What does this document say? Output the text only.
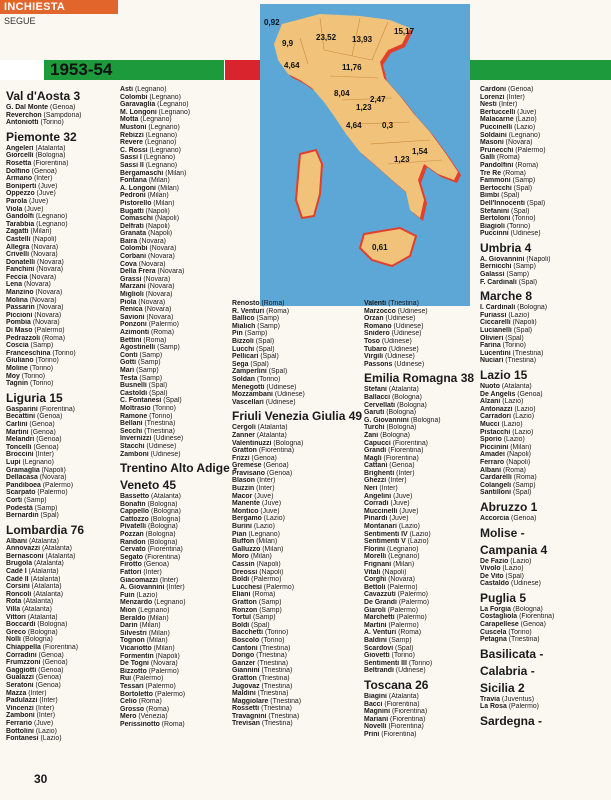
INCHIESTA
SEGUE
1953-54
0,92
9,9
23,52 13,93
15,17
4,64	11,76
8,04
2,47
1,23
4,64	0,3
1,54
1,23
0,61
Val d'Aosta 3
G. Dal Monte (Genoa)
Reverchon (Sampdoria)
Antoniotti (Torino)
Piemonte 32
Angeleri (Atalanta)
Giorcelli (Bologna)
Rosetta (Fiorentina)
Dolfino (Genoa)
Armano (Inter)
Boniperti (Juve)
Oppezzo (Juve)
Parola (Juve)
Viola (Juve)
Gandolfi (Legnano)
Tarabbia (Legnano)
Zagatti (Milan)
Castelli (Napoli)
Allegra (Novara)
Crivelli (Novara)
Donatelli (Novara)
Fanchini (Novara)
Feccia (Novara)
Lena (Novara)
Manzino (Novara)
Molina (Novara)
Passarin (Novara)
Piccioni (Novara)
Pombia (Novara)
Di Maso (Palermo)
Pedrazzoli (Roma)
Coscia (Samp)
Franceschina (Torino)
Giuliano (Torino)
Moline (Torino)
Moy (Torino)
Tagnin (Torino)
Liguria 15
Gasparini (Fiorentina)
Becattini (Genoa)
Carlini (Genoa)
Martini (Genoa)
Melandri (Genoa)
Toncelli (Genoa)
Broccini (Inter)
Lupi (Legnano)
Gramaglia (Napoli)
Dellacasa (Novara)
Pandiboea (Palermo)
Scarpato (Palermo)
Corti (Samp)
Podestà (Samp)
Bernardin (Spal)
Lombardia 76
Albani (Atalanta)
Annovazzi (Atalanta)
Bernasconi (Atalanta)
Brugola (Atalanta)
Cadè I (Atalanta)
Cadè II (Atalanta)
Corsini (Atalanta)
Roncoli (Atalanta)
Rota (Atalanta)
Villa (Atalanta)
Vittori (Atalanta)
Boccardi (Bologna)
Greco (Bologna)
Nolli (Bologna)
Chiappella (Fiorentina)
Corradini (Genoa)
Frumzzoni (Genoa)
Gaggiotti (Genoa)
Gualazzi (Genoa)
Seratoni (Genoa)
Mazza (Inter)
Padulazzi (Inter)
Vincenzi (Inter)
Zamboni (Inter)
Ferrario (Juve)
Bottolini (Lazio)
Fontanesi (Lazio)
Asti (Legnano)
Colombi (Legnano)
Garavaglia (Legnano)
M. Longoni (Legnano)
Motta (Legnano)
Mustoni (Legnano)
Rebizzi (Legnano)
Revere (Legnano)
C. Rossi (Legnano)
Sassi I (Legnano)
Sassi II (Legnano)
Bergamaschi (Milan)
Fontana (Milan)
A. Longoni (Milan)
Pedroni (Milan)
Pistorello (Milan)
Bugatti (Napoli)
Comaschi (Napoli)
Delfrati (Napoli)
Granata (Napoli)
Baira (Novara)
Colombi (Novara)
Corbani (Novara)
Cova (Novara)
Della Frera (Novara)
Grassi (Novara)
Marzani (Novara)
Miglioli (Novara)
Piola (Novara)
Renica (Novara)
Savioni (Novara)
Ponzoni (Palermo)
Azimonti (Roma)
Bettini (Roma)
Agostinelli (Samp)
Conti (Samp)
Gotti (Samp)
Mari (Samp)
Testa (Samp)
Busnelli (Spal)
Castoldi (Spal)
C. Fontanesi (Spal)
Moltrasio (Torino)
Ramone (Torino)
Bellani (Triestina)
Secchi (Triestina)
Invernizzi (Udinese)
Stacchi (Udinese)
Zamboni (Udinese)
Trentino Alto Adige -
Veneto 45
Bassetto (Atalanta)
Bonafin (Bologna)
Cappello (Bologna)
Cattozzo (Bologna)
Pivatelli (Bologna)
Pozzan (Bologna)
Randon (Bologna)
Cervato (Fiorentina)
Segato (Fiorentina)
Firotto (Genoa)
Fattori (Inter)
Giacomazzi (Inter)
A. Giovannini (Inter)
Fuin (Lazio)
Menzardo (Legnano)
Mion (Legnano)
Beraldo (Milan)
Darin (Milan)
Silvestri (Milan)
Tognon (Milan)
Vicariotto (Milan)
Formentin (Napoli)
De Togni (Novara)
Bizzotto (Palermo)
Rui (Palermo)
Tessari (Palermo)
Bortoletto (Palermo)
Celio (Roma)
Grosso (Roma)
Mero (Venezia)
Perissinotto (Roma)
Renosto (Roma)
R. Venturi (Roma)
Ballico (Samp)
Mialich (Samp)
Pin (Samp)
Bizzoli (Spal)
Lucchi (Spal)
Pellicari (Spal)
Sega (Spal)
Zamperlini (Spal)
Soldan (Torino)
Menegotti (Udinese)
Mozzambani (Udinese)
Vascellari (Udinese)
Friuli Venezia Giulia 49
Cergoli (Atalanta)
Zanner (Atalanta)
Valentinuzzi (Bologna)
Gratton (Fiorentina)
Frizzi (Genoa)
Gremese (Genoa)
Pravisano (Genoa)
Blason (Inter)
Buzzin (Inter)
Macor (Juve)
Manente (Juve)
Montico (Juve)
Bergamo (Lazio)
Burini (Lazio)
Pian (Legnano)
Buffon (Milan)
Galluzzo (Milan)
Moro (Milan)
Cassin (Napoli)
Dreossi (Napoli)
Boldi (Palermo)
Lucchesi (Palermo)
Eliani (Roma)
Gratton (Samp)
Ronzon (Samp)
Tortul (Samp)
Boldi (Spal)
Bacchetti (Torino)
Boscolo (Torino)
Cantoni (Triestina)
Dorigo (Triestina)
Ganzer (Triestina)
Giannini (Triestina)
Gratton (Triestina)
Jugovaz (Triestina)
Maldini (Triestina)
Maggiolare (Triestina)
Rossetti (Triestina)
Travagnini (Triestina)
Trevisan (Triestina)
Valenti (Triestina)
Marzocco (Udinese)
Orzan (Udinese)
Romano (Udinese)
Snidero (Udinese)
Toso (Udinese)
Tubaro (Udinese)
Virgili (Udinese)
Passons (Udinese)
Emilia Romagna 38
Stefani (Atalanta)
Ballacci (Bologna)
Cervellati (Bologna)
Garuti (Bologna)
G. Giovannini (Bologna)
Turchi (Bologna)
Zani (Bologna)
Capucci (Fiorentina)
Grandi (Fiorentina)
Magli (Fiorentina)
Cattani (Genoa)
Brighenti (Inter)
Ghezzi (Inter)
Neri (Inter)
Angelini (Juve)
Corradi (Juve)
Muccinelli (Juve)
Pinardi (Juve)
Montanari (Lazio)
Sentimenti IV (Lazio)
Sentimenti V (Lazio)
Florini (Legnano)
Morelli (Legnano)
Frignani (Milan)
Vitali (Napoli)
Corghi (Novara)
Bettoli (Palermo)
Cavazzuti (Palermo)
De Grandi (Palermo)
Giaroli (Palermo)
Marchetti (Palermo)
Martini (Palermo)
A. Venturi (Roma)
Baldini (Samp)
Scardovi (Spal)
Giovetti (Torino)
Sentimenti III (Torino)
Beltrandi (Udinese)
Toscana 26
Biagini (Atalanta)
Bacci (Fiorentina)
Magnini (Fiorentina)
Mariani (Fiorentina)
Novelli (Fiorentina)
Prini (Fiorentina)
Cardoni (Genoa)
Lorenzi (Inter)
Nesti (Inter)
Bertuccelli (Juve)
Malacarne (Lazio)
Puccinelli (Lazio)
Soldaini (Legnano)
Masoni (Novara)
Prunecchi (Palermo)
Galli (Roma)
Pandolfini (Roma)
Tre Re (Roma)
Fammoni (Samp)
Bertocchi (Spal)
Bimbi (Spal)
Dell'Innocenti (Spal)
Stefanini (Spal)
Bertoloni (Torino)
Biagioli (Torino)
Puccinni (Udinese)
Umbria 4
A. Giovannini (Napoli)
Bernicchi (Samp)
Galassi (Samp)
F. Cardinali (Spal)
Marche 8
I. Cardinali (Bologna)
Furiassi (Lazio)
Ciccarelli (Napoli)
Lucianelli (Spal)
Olivieri (Spal)
Farina (Torino)
Lucentini (Triestina)
Nuciari (Triestina)
Lazio 15
Nuoto (Atalanta)
De Angelis (Genoa)
Alzani (Lazio)
Antonazzi (Lazio)
Carradori (Lazio)
Mucci (Lazio)
Pistacchi (Lazio)
Sporio (Lazio)
Piccinini (Milan)
Amadei (Napoli)
Ferraro (Napoli)
Albani (Roma)
Cardarelli (Roma)
Colangeli (Samp)
Santilloni (Spal)
Abruzzo 1
Accorcia (Genoa)
Molise -
Campania 4
De Fazio (Lazio)
Vivolo (Lazio)
De Vito (Spal)
Castaldo (Udinese)
Puglia 5
La Forgia (Bologna)
Costagliola (Fiorentina)
Carapellese (Genoa)
Cuscela (Torino)
Petagna (Triestina)
Basilicata -
Calabria -
Sicilia 2
Travia (Juventus)
La Rosa (Palermo)
Sardegna -
30
